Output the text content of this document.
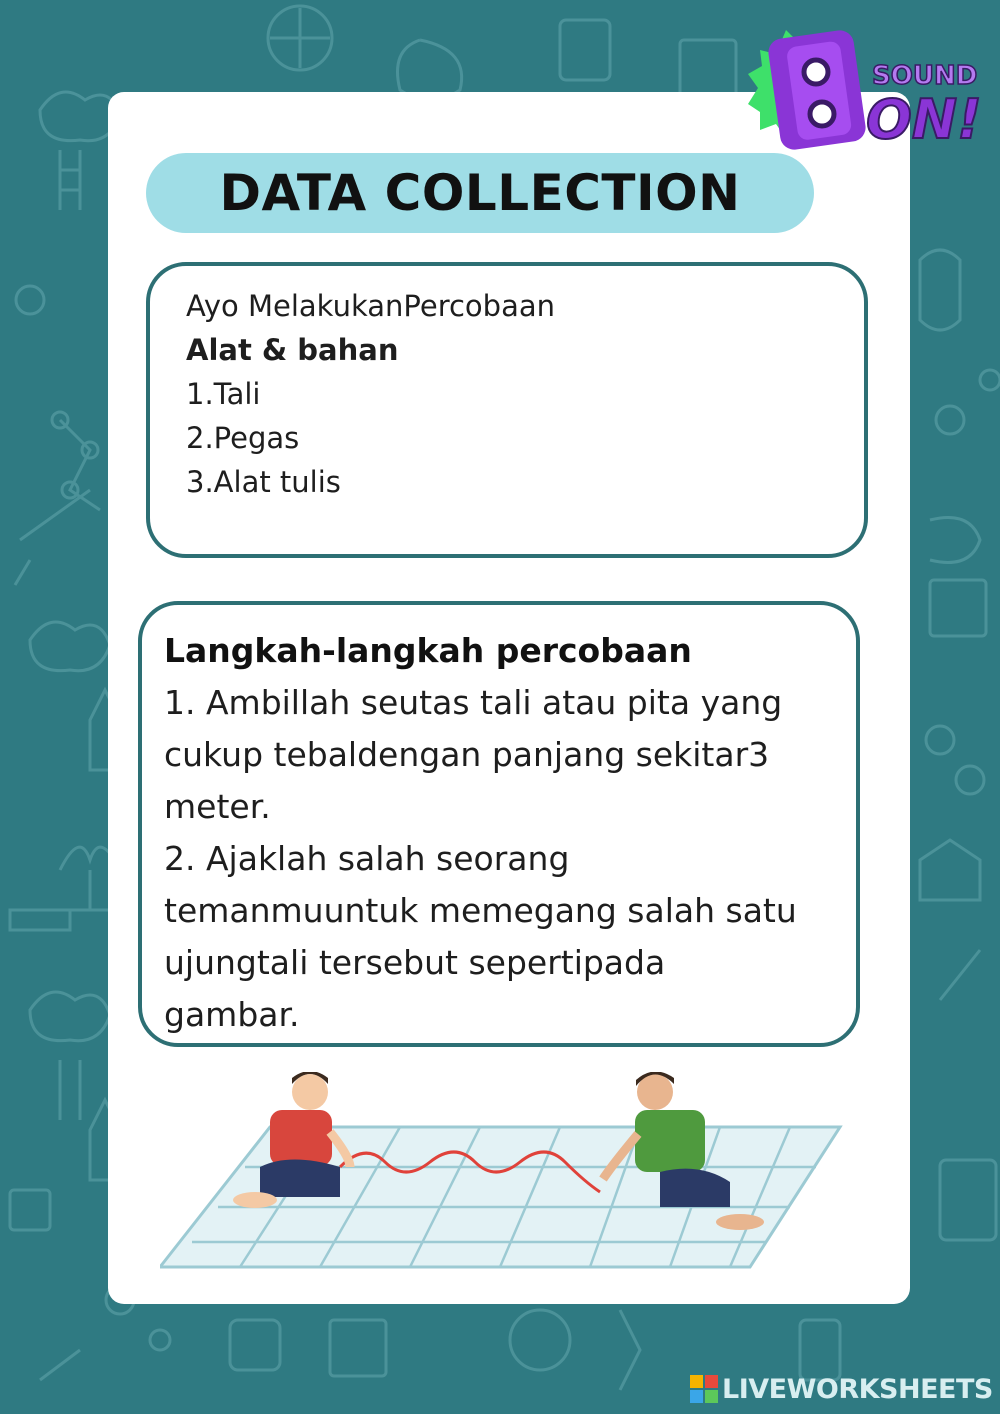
DATA COLLECTION
Ayo MelakukanPercobaan
Alat & bahan
1.Tali
2.Pegas
3.Alat tulis
Langkah-langkah percobaan
1. Ambillah seutas tali atau pita yang
cukup tebaldengan panjang sekitar3
meter.
2. Ajaklah salah seorang
temanmuuntuk memegang salah satu
ujungtali tersebut sepertipada
gambar.
SOUND
ON!
LIVEWORKSHEETS
